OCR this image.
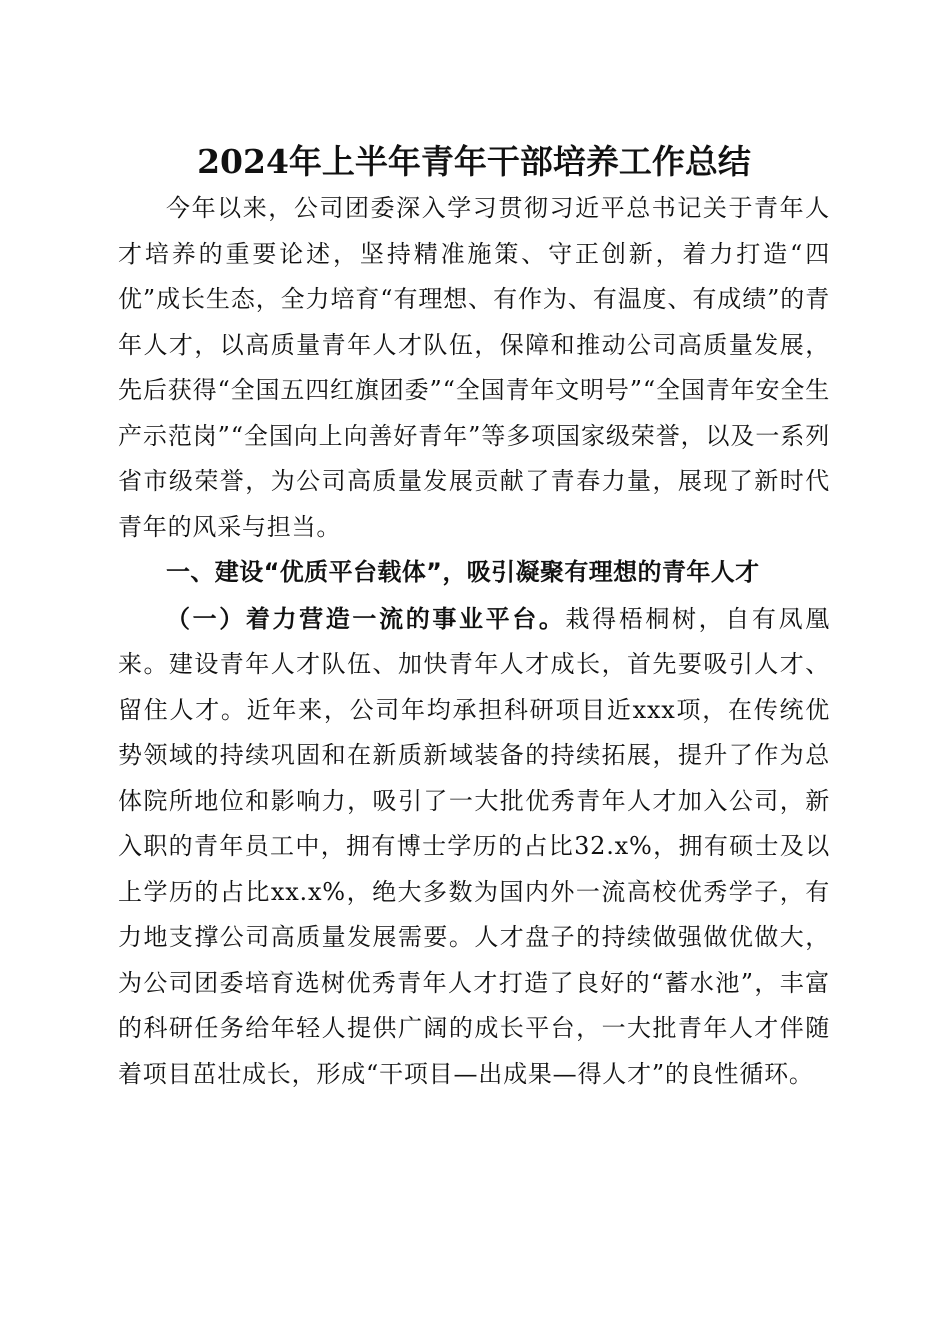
2024年上半年青年干部培养工作总结

今年以来，公司团委深入学习贯彻习近平总书记关于青年人才培养的重要论述，坚持精准施策、守正创新，着力打造“四优”成长生态，全力培育“有理想、有作为、有温度、有成绩”的青年人才，以高质量青年人才队伍，保障和推动公司高质量发展，先后获得“全国五四红旗团委”“全国青年文明号”“全国青年安全生产示范岗”“全国向上向善好青年”等多项国家级荣誉，以及一系列省市级荣誉，为公司高质量发展贡献了青春力量，展现了新时代青年的风采与担当。

一、建设“优质平台载体”，吸引凝聚有理想的青年人才

（一）着力营造一流的事业平台。栽得梧桐树，自有凤凰来。建设青年人才队伍、加快青年人才成长，首先要吸引人才、留住人才。近年来，公司年均承担科研项目近xxx项，在传统优势领域的持续巩固和在新质新域装备的持续拓展，提升了作为总体院所地位和影响力，吸引了一大批优秀青年人才加入公司，新入职的青年员工中，拥有博士学历的占比32.x%，拥有硕士及以上学历的占比xx.x%，绝大多数为国内外一流高校优秀学子，有力地支撑公司高质量发展需要。人才盘子的持续做强做优做大，为公司团委培育选树优秀青年人才打造了良好的“蓄水池”，丰富的科研任务给年轻人提供广阔的成长平台，一大批青年人才伴随着项目茁壮成长，形成“干项目—出成果—得人才”的良性循环。
